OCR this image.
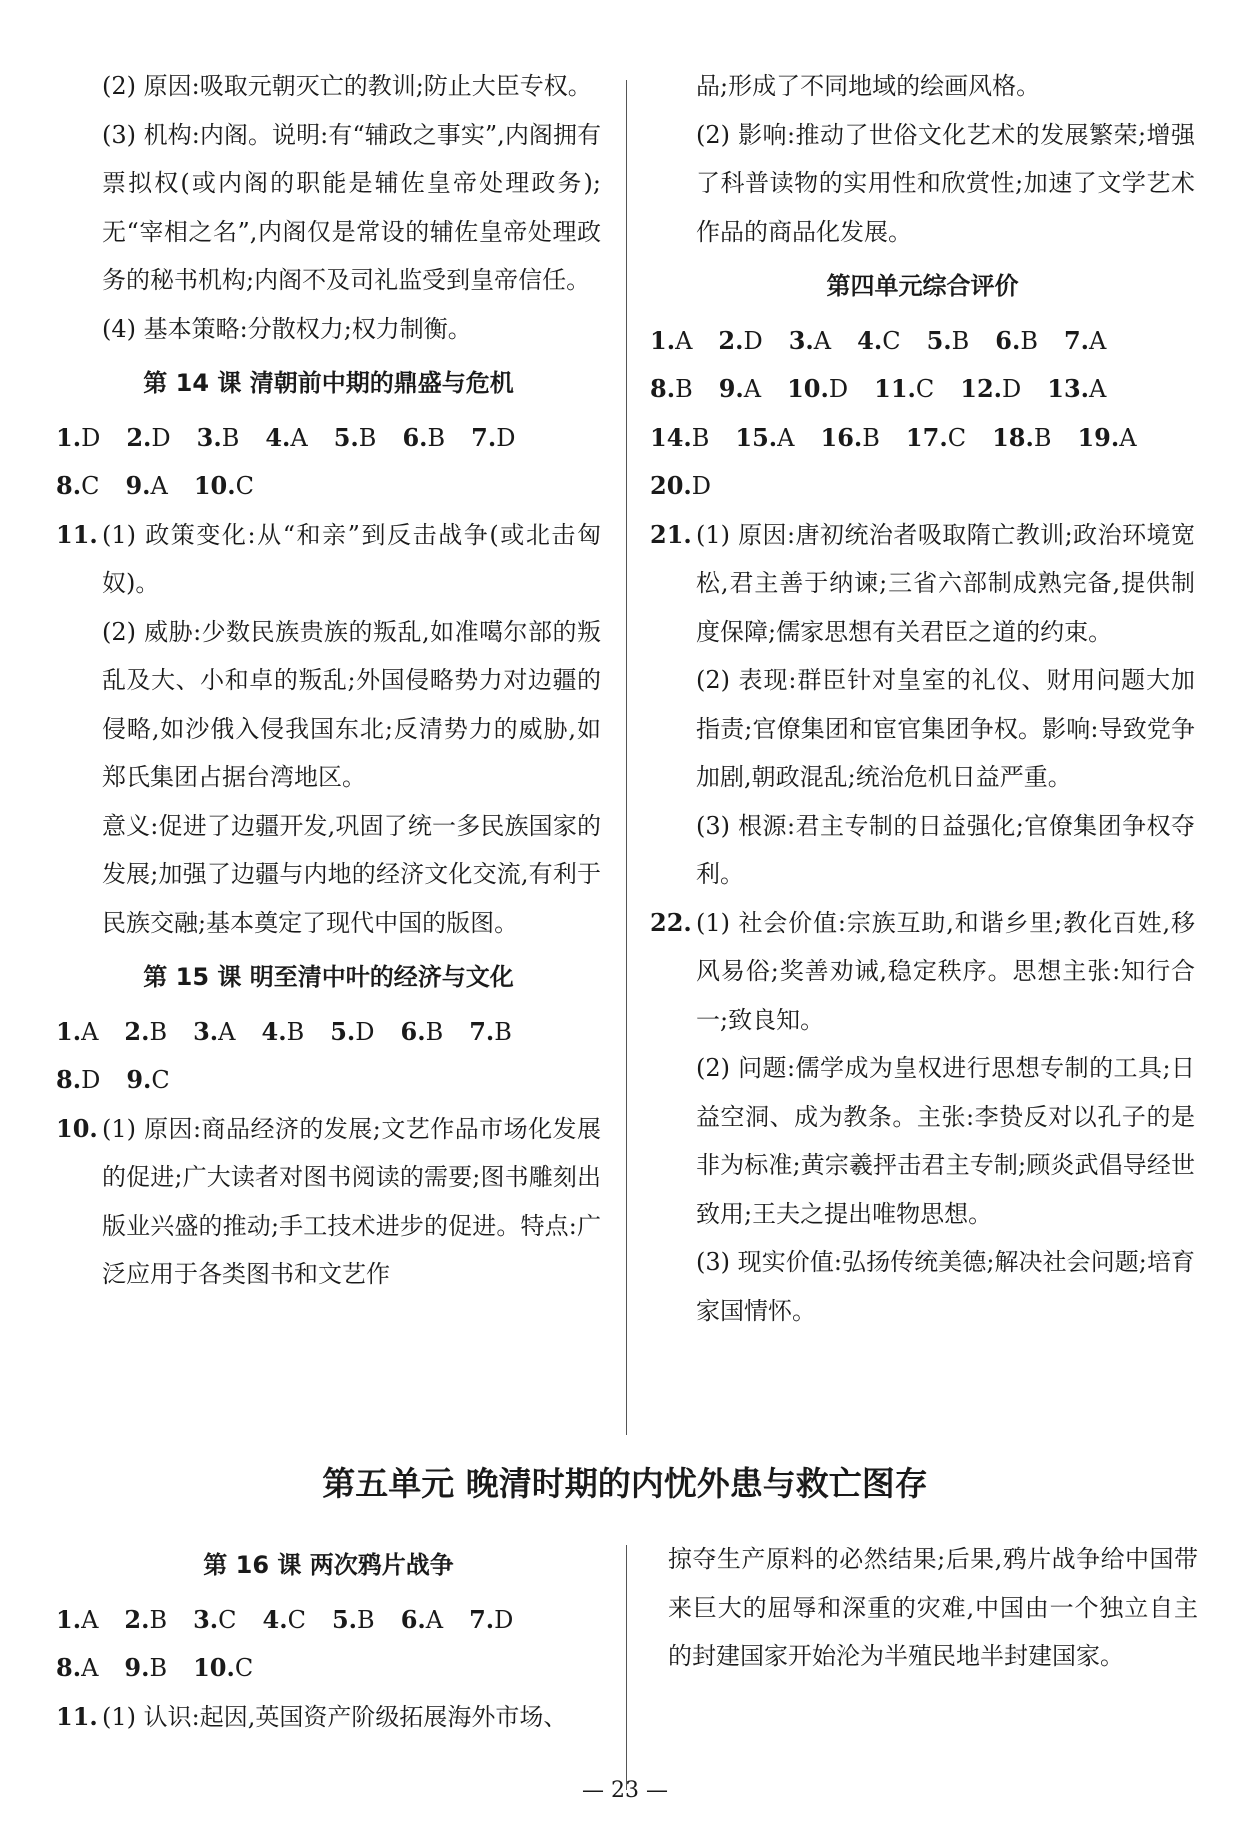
(2) 原因:吸取元朝灭亡的教训;防止大臣专权。

(3) 机构:内阁。说明:有“辅政之事实”,内阁拥有票拟权(或内阁的职能是辅佐皇帝处理政务);无“宰相之名”,内阁仅是常设的辅佐皇帝处理政务的秘书机构;内阁不及司礼监受到皇帝信任。

(4) 基本策略:分散权力;权力制衡。

第 14 课 清朝前中期的鼎盛与危机
1. D 2. D 3. B 4. A 5. B 6. B 7. D
8. C 9. A 10. C
11. (1) 政策变化:从“和亲”到反击战争(或北击匈奴)。

(2) 威胁:少数民族贵族的叛乱,如准噶尔部的叛乱及大、小和卓的叛乱;外国侵略势力对边疆的侵略,如沙俄入侵我国东北;反清势力的威胁,如郑氏集团占据台湾地区。

意义:促进了边疆开发,巩固了统一多民族国家的发展;加强了边疆与内地的经济文化交流,有利于民族交融;基本奠定了现代中国的版图。

第 15 课 明至清中叶的经济与文化
1. A 2. B 3. A 4. B 5. D 6. B 7. B
8. D 9. C
10. (1) 原因:商品经济的发展;文艺作品市场化发展的促进;广大读者对图书阅读的需要;图书雕刻出版业兴盛的推动;手工技术进步的促进。特点:广泛应用于各类图书和文艺作

品;形成了不同地域的绘画风格。

(2) 影响:推动了世俗文化艺术的发展繁荣;增强了科普读物的实用性和欣赏性;加速了文学艺术作品的商品化发展。

第四单元综合评价
1. A 2. D 3. A 4. C 5. B 6. B 7. A
8. B 9. A 10. D 11. C 12. D 13. A
14. B 15. A 16. B 17. C 18. B 19. A
20. D
21. (1) 原因:唐初统治者吸取隋亡教训;政治环境宽松,君主善于纳谏;三省六部制成熟完备,提供制度保障;儒家思想有关君臣之道的约束。

(2) 表现:群臣针对皇室的礼仪、财用问题大加指责;官僚集团和宦官集团争权。影响:导致党争加剧,朝政混乱;统治危机日益严重。

(3) 根源:君主专制的日益强化;官僚集团争权夺利。

22. (1) 社会价值:宗族互助,和谐乡里;教化百姓,移风易俗;奖善劝诫,稳定秩序。思想主张:知行合一;致良知。

(2) 问题:儒学成为皇权进行思想专制的工具;日益空洞、成为教条。主张:李贽反对以孔子的是非为标准;黄宗羲抨击君主专制;顾炎武倡导经世致用;王夫之提出唯物思想。

(3) 现实价值:弘扬传统美德;解决社会问题;培育家国情怀。

第五单元 晚清时期的内忧外患与救亡图存
第 16 课 两次鸦片战争
1. A 2. B 3. C 4. C 5. B 6. A 7. D
8. A 9. B 10. C
11. (1) 认识:起因,英国资产阶级拓展海外市场、

掠夺生产原料的必然结果;后果,鸦片战争给中国带来巨大的屈辱和深重的灾难,中国由一个独立自主的封建国家开始沦为半殖民地半封建国家。

— 23 —
